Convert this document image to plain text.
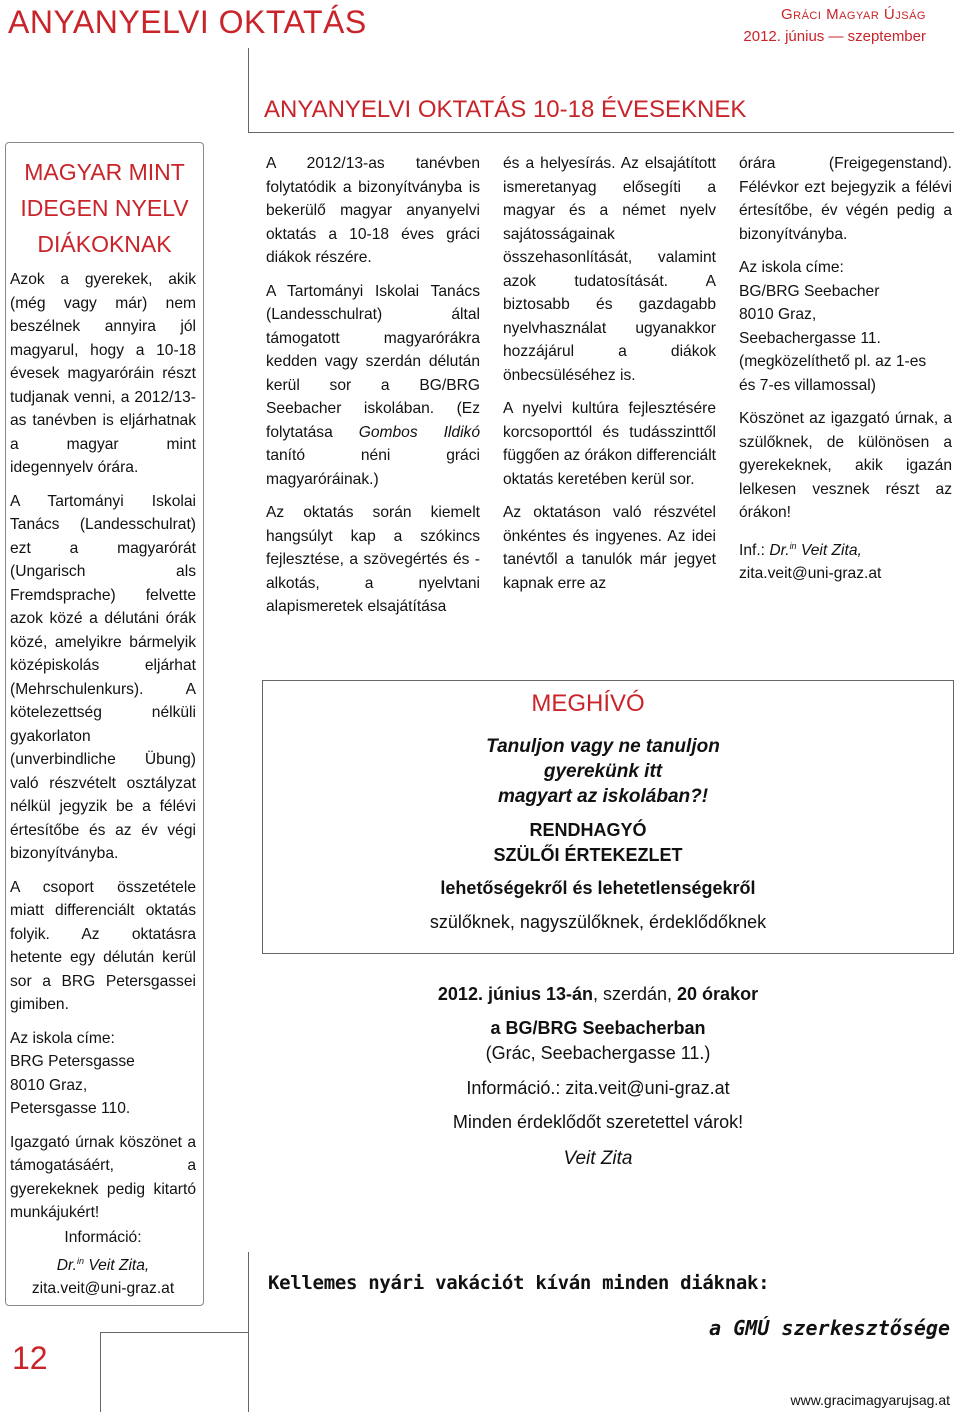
ANYANYELVI OKTATÁS	Gráci Magyar Újság
2012. június — szeptember
ANYANYELVI OKTATÁS 10-18 ÉVESEKNEK
MAGYAR MINT
IDEGEN NYELV
DIÁKOKNAK

Azok a gyerekek, akik (még vagy már) nem beszélnek annyira jól magyarul, hogy a 10-18 évesek magyaróráin részt tudjanak venni, a 2012/13-as tanévben is eljárhatnak a magyar mint idegennyelv órára.

A Tartományi Iskolai Tanács (Landesschulrat) ezt a magyarórát (Ungarisch als Fremdsprache) felvette azok közé a délutáni órák közé, amelyikre bármelyik középiskolás eljárhat (Mehrschulenkurs). A kötelezettség nélküli gyakorlaton (unverbindliche Übung) való részvételt osztályzat nélkül jegyzik be a félévi értesítőbe és az év végi bizonyítványba.

A csoport összetétele miatt differenciált oktatás folyik. Az oktatásra hetente egy délután kerül sor a BRG Petersgassei gimiben.

Az iskola címe:
BRG Petersgasse
8010 Graz,
Petersgasse 110.

Igazgató úrnak köszönet a támogatásáért, a gyerekeknek pedig kitartó munkájukért!

Információ:
Dr.$^{in}$ Veit Zita,
zita.veit@uni-graz.at

A 2012/13-as tanévben folytatódik a bizonyítványba is bekerülő magyar anyanyelvi oktatás a 10-18 éves gráci diákok részére.

A Tartományi Iskolai Tanács (Landesschulrat) által támogatott magyarórákra kedden vagy szerdán délután kerül sor a BG/BRG Seebacher iskolában. (Ez folytatása Gombos Ildikó tanító néni gráci magyaróráinak.)

Az oktatás során kiemelt hangsúlyt kap a szókincs fejlesztése, a szövegértés és -alkotás, a nyelvtani alapismeretek elsajátítása

és a helyesírás. Az elsajátított ismeretanyag elősegíti a magyar és a német nyelv sajátosságainak összehasonlítását, valamint azok tudatosítását. A biztosabb és gazdagabb nyelvhasználat ugyanakkor hozzájárul a diákok önbecsüléséhez is.

A nyelvi kultúra fejlesztésére korcsoporttól és tudásszinttől függően az órákon differenciált oktatás keretében kerül sor.

Az oktatáson való részvétel önkéntes és ingyenes. Az idei tanévtől a tanulók már jegyet kapnak erre az

órára (Freigegenstand). Félévkor ezt bejegyzik a félévi értesítőbe, év végén pedig a bizonyítványba.

Az iskola címe:
BG/BRG Seebacher
8010 Graz,
Seebachergasse 11.
(megközelíthető pl. az 1-es
és 7-es villamossal)

Köszönet az igazgató úrnak, a szülőknek, de különösen a gyerekeknek, akik igazán lelkesen vesznek részt az órákon!

Inf.: Dr.$^{in}$ Veit Zita,
zita.veit@uni-graz.at

MEGHÍVÓ
Tanuljon vagy ne tanuljon
gyerekünk itt
magyart az iskolában?!
RENDHAGYÓ
SZÜLŐI ÉRTEKEZLET
lehetőségekről és lehetetlenségekről
szülőknek, nagyszülőknek, érdeklődőknek
2012. június 13-án, szerdán, 20 órakor
a BG/BRG Seebacherban
(Grác, Seebachergasse 11.)
Információ.: zita.veit@uni-graz.at
Minden érdeklődőt szeretettel várok!
Veit Zita
Kellemes nyári vakációt kíván minden diáknak:
a GMÚ szerkesztősége
12
www.gracimagyarujsag.at
